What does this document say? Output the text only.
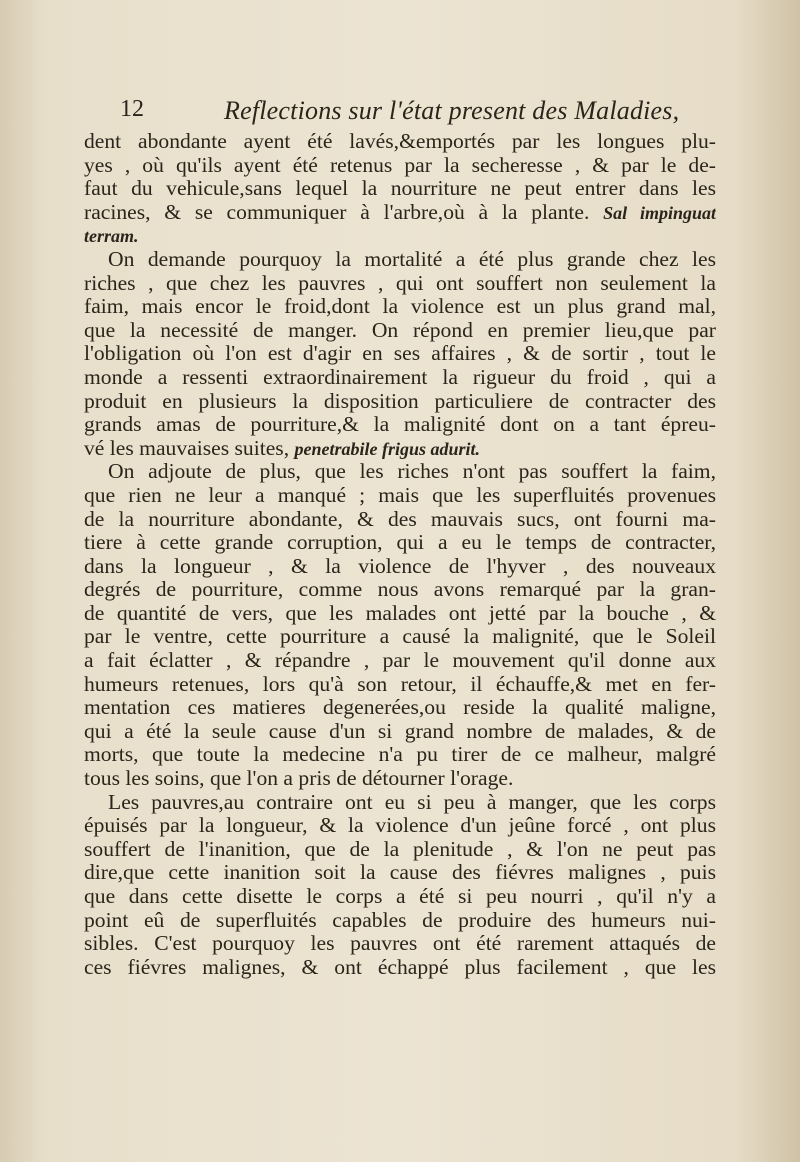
12	Reflections sur l'état present des Maladies,
dent abondante ayent été lavés,&emportés par les longues plu-
yes , où qu'ils ayent été retenus par la secheresse , & par le de-
faut du vehicule,sans lequel la nourriture ne peut entrer dans les
racines, & se communiquer à l'arbre,où à la plante. Sal impinguat
terram.
On demande pourquoy la mortalité a été plus grande chez les
riches , que chez les pauvres , qui ont souffert non seulement la
faim, mais encor le froid,dont la violence est un plus grand mal,
que la necessité de manger. On répond en premier lieu,que par
l'obligation où l'on est d'agir en ses affaires , & de sortir , tout le
monde a ressenti extraordinairement la rigueur du froid , qui a
produit en plusieurs la disposition particuliere de contracter des
grands amas de pourriture,& la malignité dont on a tant épreu-
vé les mauvaises suites, penetrabile frigus adurit.
On adjoute de plus, que les riches n'ont pas souffert la faim,
que rien ne leur a manqué ; mais que les superfluités provenues
de la nourriture abondante, & des mauvais sucs, ont fourni ma-
tiere à cette grande corruption, qui a eu le temps de contracter,
dans la longueur , & la violence de l'hyver , des nouveaux
degrés de pourriture, comme nous avons remarqué par la gran-
de quantité de vers, que les malades ont jetté par la bouche , &
par le ventre, cette pourriture a causé la malignité, que le Soleil
a fait éclatter , & répandre , par le mouvement qu'il donne aux
humeurs retenues, lors qu'à son retour, il échauffe,& met en fer-
mentation ces matieres degenerées,ou reside la qualité maligne,
qui a été la seule cause d'un si grand nombre de malades, & de
morts, que toute la medecine n'a pu tirer de ce malheur, malgré
tous les soins, que l'on a pris de détourner l'orage.
Les pauvres,au contraire ont eu si peu à manger, que les corps
épuisés par la longueur, & la violence d'un jeûne forcé , ont plus
souffert de l'inanition, que de la plenitude , & l'on ne peut pas
dire,que cette inanition soit la cause des fiévres malignes , puis
que dans cette disette le corps a été si peu nourri , qu'il n'y a
point eû de superfluités capables de produire des humeurs nui-
sibles. C'est pourquoy les pauvres ont été rarement attaqués de
ces fiévres malignes, & ont échappé plus facilement , que les
